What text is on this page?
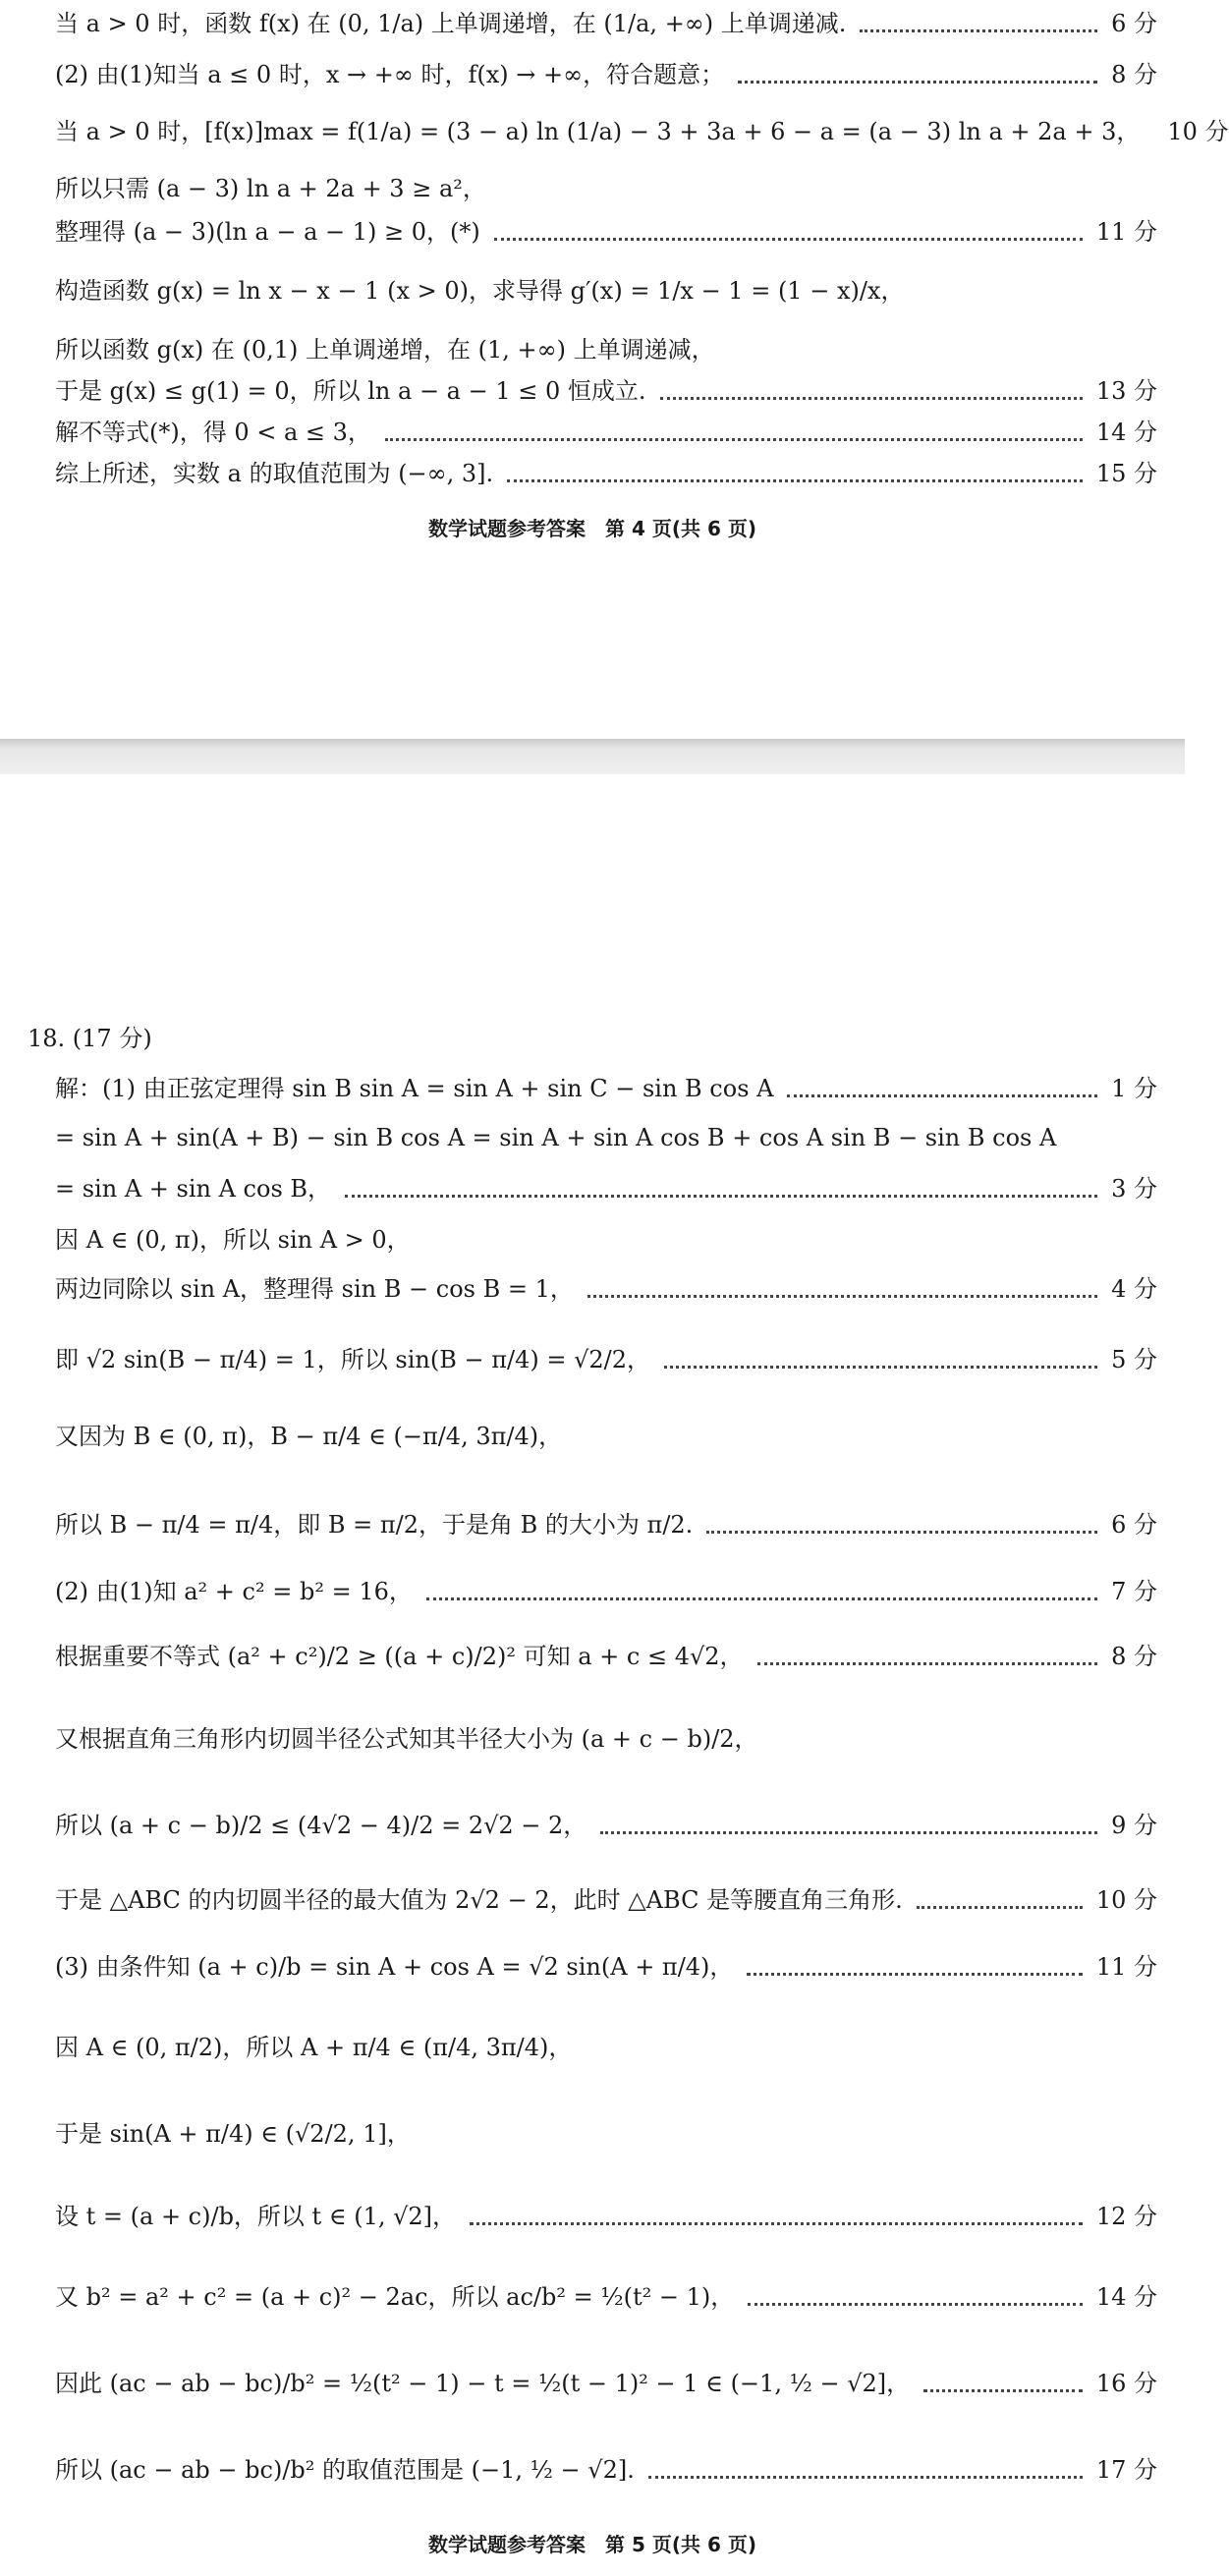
当 a > 0 时，函数 f(x) 在 (0, 1/a) 上单调递增，在 (1/a, +∞) 上单调递减.	6 分
(2) 由(1)知当 a ≤ 0 时，x → +∞ 时，f(x) → +∞，符合题意；	8 分
当 a > 0 时，[f(x)]max = f(1/a) = (3 − a) ln (1/a) − 3 + 3a + 6 − a = (a − 3) ln a + 2a + 3， 10 分
所以只需 (a − 3) ln a + 2a + 3 ≥ a²，
整理得 (a − 3)(ln a − a − 1) ≥ 0，(*)	11 分
构造函数 g(x) = ln x − x − 1 (x > 0)，求导得 g′(x) = 1/x − 1 = (1 − x)/x，
所以函数 g(x) 在 (0,1) 上单调递增，在 (1, +∞) 上单调递减，
于是 g(x) ≤ g(1) = 0，所以 ln a − a − 1 ≤ 0 恒成立.	13 分
解不等式(*)，得 0 < a ≤ 3，	14 分
综上所述，实数 a 的取值范围为 (−∞, 3].	15 分
数学试题参考答案　第 4 页(共 6 页)
18. (17 分)
解：(1) 由正弦定理得 sin B sin A = sin A + sin C − sin B cos A	1 分
= sin A + sin(A + B) − sin B cos A = sin A + sin A cos B + cos A sin B − sin B cos A
= sin A + sin A cos B，	3 分
因 A ∈ (0, π)，所以 sin A > 0，
两边同除以 sin A，整理得 sin B − cos B = 1，	4 分
即 √2 sin(B − π/4) = 1，所以 sin(B − π/4) = √2/2，	5 分
又因为 B ∈ (0, π)，B − π/4 ∈ (−π/4, 3π/4)，
所以 B − π/4 = π/4，即 B = π/2，于是角 B 的大小为 π/2.	6 分
(2) 由(1)知 a² + c² = b² = 16，	7 分
根据重要不等式 (a² + c²)/2 ≥ ((a + c)/2)² 可知 a + c ≤ 4√2，	8 分
又根据直角三角形内切圆半径公式知其半径大小为 (a + c − b)/2，
所以 (a + c − b)/2 ≤ (4√2 − 4)/2 = 2√2 − 2，	9 分
于是 △ABC 的内切圆半径的最大值为 2√2 − 2，此时 △ABC 是等腰直角三角形.	10 分
(3) 由条件知 (a + c)/b = sin A + cos A = √2 sin(A + π/4)，	11 分
因 A ∈ (0, π/2)，所以 A + π/4 ∈ (π/4, 3π/4)，
于是 sin(A + π/4) ∈ (√2/2, 1]，
设 t = (a + c)/b，所以 t ∈ (1, √2]，	12 分
又 b² = a² + c² = (a + c)² − 2ac，所以 ac/b² = ½(t² − 1)，	14 分
因此 (ac − ab − bc)/b² = ½(t² − 1) − t = ½(t − 1)² − 1 ∈ (−1, ½ − √2]，	16 分
所以 (ac − ab − bc)/b² 的取值范围是 (−1, ½ − √2].	17 分
数学试题参考答案　第 5 页(共 6 页)
